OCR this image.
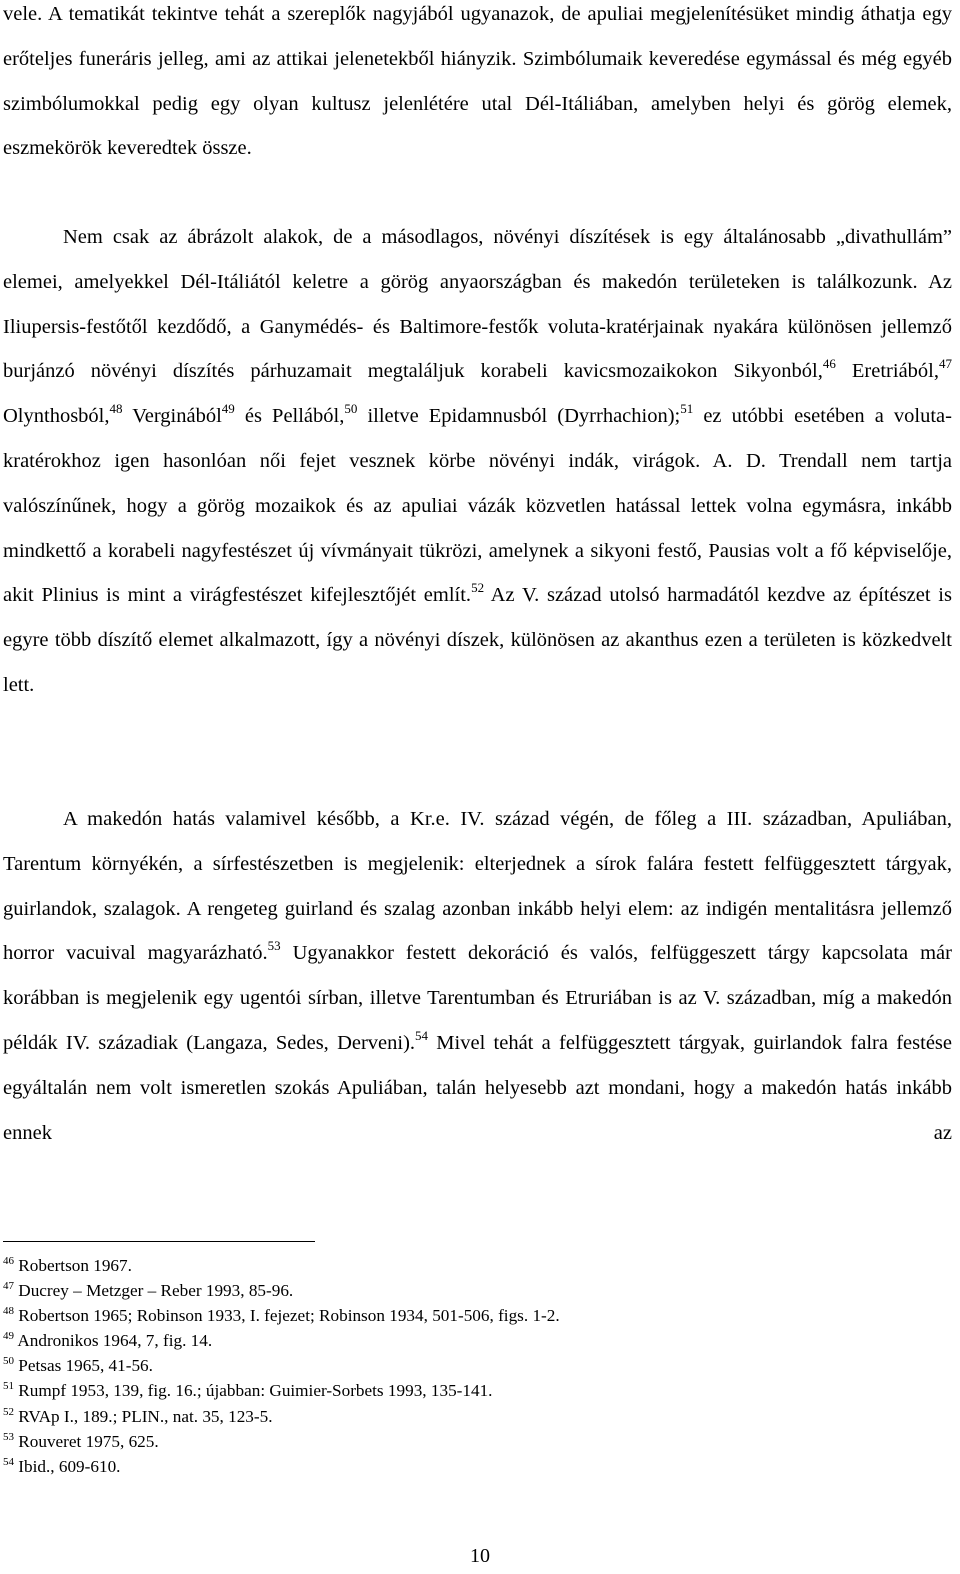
vele. A tematikát tekintve tehát a szereplők nagyjából ugyanazok, de apuliai megjelenítésüket mindig áthatja egy erőteljes funeráris jelleg, ami az attikai jelenetekből hiányzik. Szimbólumaik keveredése egymással és még egyéb szimbólumokkal pedig egy olyan kultusz jelenlétére utal Dél-Itáliában, amelyben helyi és görög elemek, eszmekörök keveredtek össze.

Nem csak az ábrázolt alakok, de a másodlagos, növényi díszítések is egy általánosabb „divathullám” elemei, amelyekkel Dél-Itáliától keletre a görög anyaországban és makedón területeken is találkozunk. Az Iliupersis-festőtől kezdődő, a Ganymédés- és Baltimore-festők voluta-kratérjainak nyakára különösen jellemző burjánzó növényi díszítés párhuzamait megtaláljuk korabeli kavicsmozaikokon Sikyonból,$^{46}$ Eretriából,$^{47}$ Olynthosból,$^{48}$ Verginából$^{49}$ és Pellából,$^{50}$ illetve Epidamnusból (Dyrrhachion);$^{51}$ ez utóbbi esetében a voluta-kratérokhoz igen hasonlóan női fejet vesznek körbe növényi indák, virágok. A. D. Trendall nem tartja valószínűnek, hogy a görög mozaikok és az apuliai vázák közvetlen hatással lettek volna egymásra, inkább mindkettő a korabeli nagyfestészet új vívmányait tükrözi, amelynek a sikyoni festő, Pausias volt a fő képviselője, akit Plinius is mint a virágfestészet kifejlesztőjét említ.$^{52}$ Az V. század utolsó harmadától kezdve az építészet is egyre több díszítő elemet alkalmazott, így a növényi díszek, különösen az akanthus ezen a területen is közkedvelt lett.

A makedón hatás valamivel később, a Kr.e. IV. század végén, de főleg a III. században, Apuliában, Tarentum környékén, a sírfestészetben is megjelenik: elterjednek a sírok falára festett felfüggesztett tárgyak, guirlandok, szalagok. A rengeteg guirland és szalag azonban inkább helyi elem: az indigén mentalitásra jellemző horror vacuival magyarázható.$^{53}$ Ugyanakkor festett dekoráció és valós, felfüggeszett tárgy kapcsolata már korábban is megjelenik egy ugentói sírban, illetve Tarentumban és Etruriában is az V. században, míg a makedón példák IV. századiak (Langaza, Sedes, Derveni).$^{54}$ Mivel tehát a felfüggesztett tárgyak, guirlandok falra festése egyáltalán nem volt ismeretlen szokás Apuliában, talán helyesebb azt mondani, hogy a makedón hatás inkább ennek az

$^{46}$ Robertson 1967.
$^{47}$ Ducrey – Metzger – Reber 1993, 85-96.
$^{48}$ Robertson 1965; Robinson 1933, I. fejezet; Robinson 1934, 501-506, figs. 1-2.
$^{49}$ Andronikos 1964, 7, fig. 14.
$^{50}$ Petsas 1965, 41-56.
$^{51}$ Rumpf 1953, 139, fig. 16.; újabban: Guimier-Sorbets 1993, 135-141.
$^{52}$ RVAp I., 189.; PLIN., nat. 35, 123-5.
$^{53}$ Rouveret 1975, 625.
$^{54}$ Ibid., 609-610.
10
